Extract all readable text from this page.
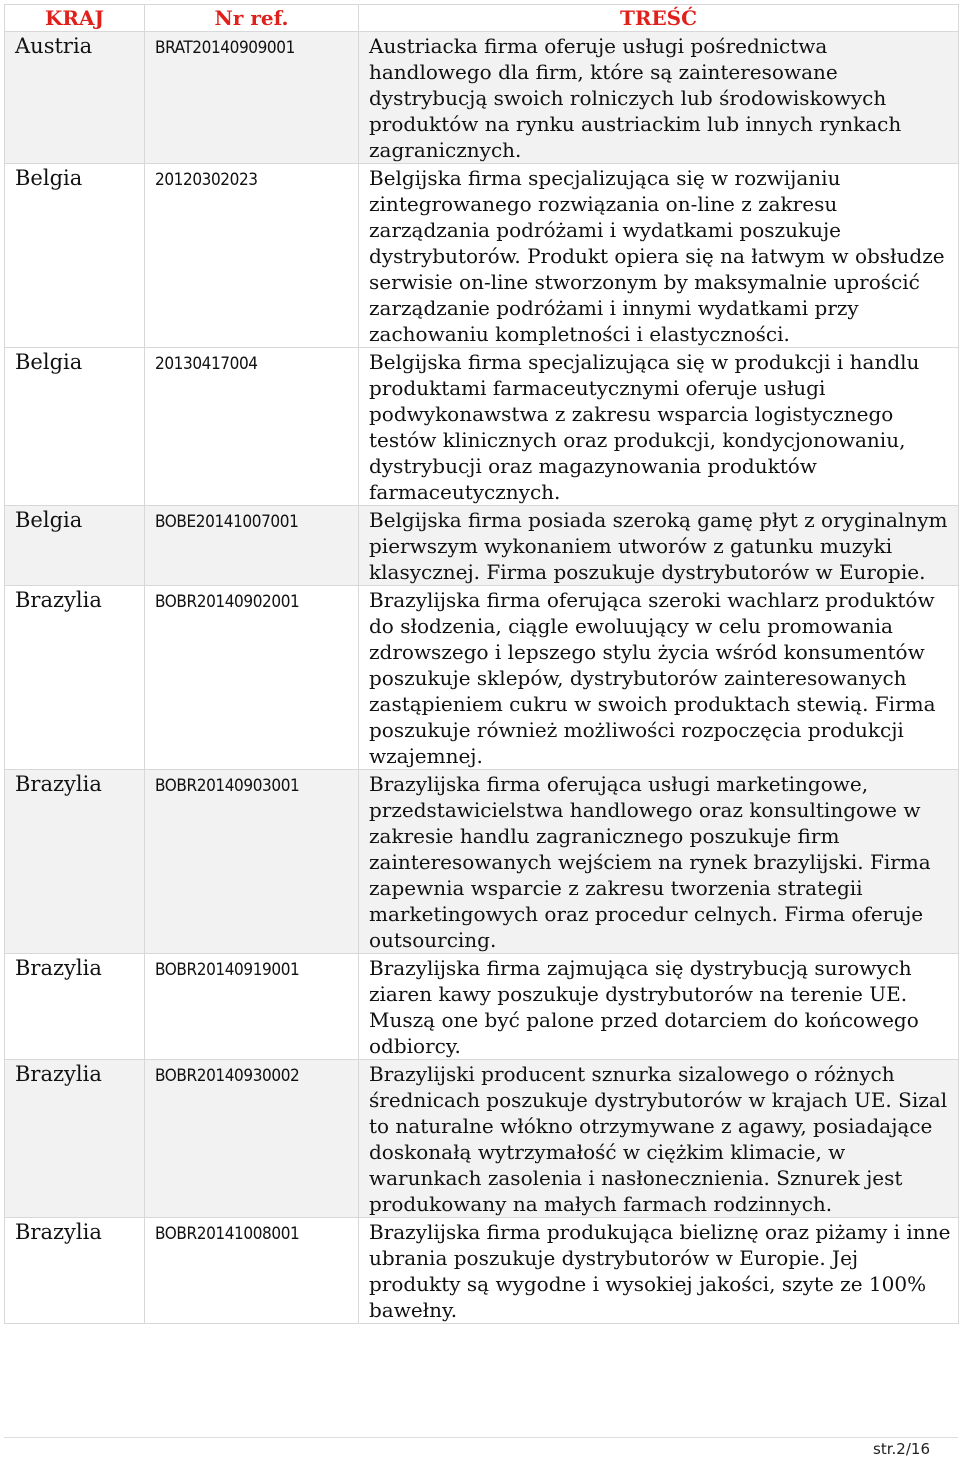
KRAJ	Nr ref.	TREŚĆ
Austria	BRAT20140909001	Austriacka firma oferuje usługi pośrednictwa handlowego dla firm, które są zainteresowane dystrybucją swoich rolniczych lub środowiskowych produktów na rynku austriackim lub innych rynkach zagranicznych.
Belgia	20120302023	Belgijska firma specjalizująca się w rozwijaniu zintegrowanego rozwiązania on-line z zakresu zarządzania podróżami i wydatkami poszukuje dystrybutorów. Produkt opiera się na łatwym w obsłudze serwisie on-line stworzonym by maksymalnie uprościć zarządzanie podróżami i innymi wydatkami przy zachowaniu kompletności i elastyczności.
Belgia	20130417004	Belgijska firma specjalizująca się w produkcji i handlu produktami farmaceutycznymi oferuje usługi podwykonawstwa z zakresu wsparcia logistycznego testów klinicznych oraz produkcji, kondycjonowaniu, dystrybucji oraz magazynowania produktów farmaceutycznych.
Belgia	BOBE20141007001	Belgijska firma posiada szeroką gamę płyt z oryginalnym pierwszym wykonaniem utworów z gatunku muzyki klasycznej. Firma poszukuje dystrybutorów w Europie.
Brazylia	BOBR20140902001	Brazylijska firma oferująca szeroki wachlarz produktów do słodzenia, ciągle ewoluujący w celu promowania zdrowszego i lepszego stylu życia wśród konsumentów poszukuje sklepów, dystrybutorów zainteresowanych zastąpieniem cukru w swoich produktach stewią. Firma poszukuje również możliwości rozpoczęcia produkcji wzajemnej.
Brazylia	BOBR20140903001	Brazylijska firma oferująca usługi marketingowe, przedstawicielstwa handlowego oraz konsultingowe w zakresie handlu zagranicznego poszukuje firm zainteresowanych wejściem na rynek brazylijski. Firma zapewnia wsparcie z zakresu tworzenia strategii marketingowych oraz procedur celnych. Firma oferuje outsourcing.
Brazylia	BOBR20140919001	Brazylijska firma zajmująca się dystrybucją surowych ziaren kawy poszukuje dystrybutorów na terenie UE. Muszą one być palone przed dotarciem do końcowego odbiorcy.
Brazylia	BOBR20140930002	Brazylijski producent sznurka sizalowego o różnych średnicach poszukuje dystrybutorów w krajach UE. Sizal to naturalne włókno otrzymywane z agawy, posiadające doskonałą wytrzymałość w ciężkim klimacie, w warunkach zasolenia i nasłonecznienia. Sznurek jest produkowany na małych farmach rodzinnych.
Brazylia	BOBR20141008001	Brazylijska firma produkująca bieliznę oraz piżamy i inne ubrania poszukuje dystrybutorów w Europie. Jej produkty są wygodne i wysokiej jakości, szyte ze 100% bawełny.
str.2/16
